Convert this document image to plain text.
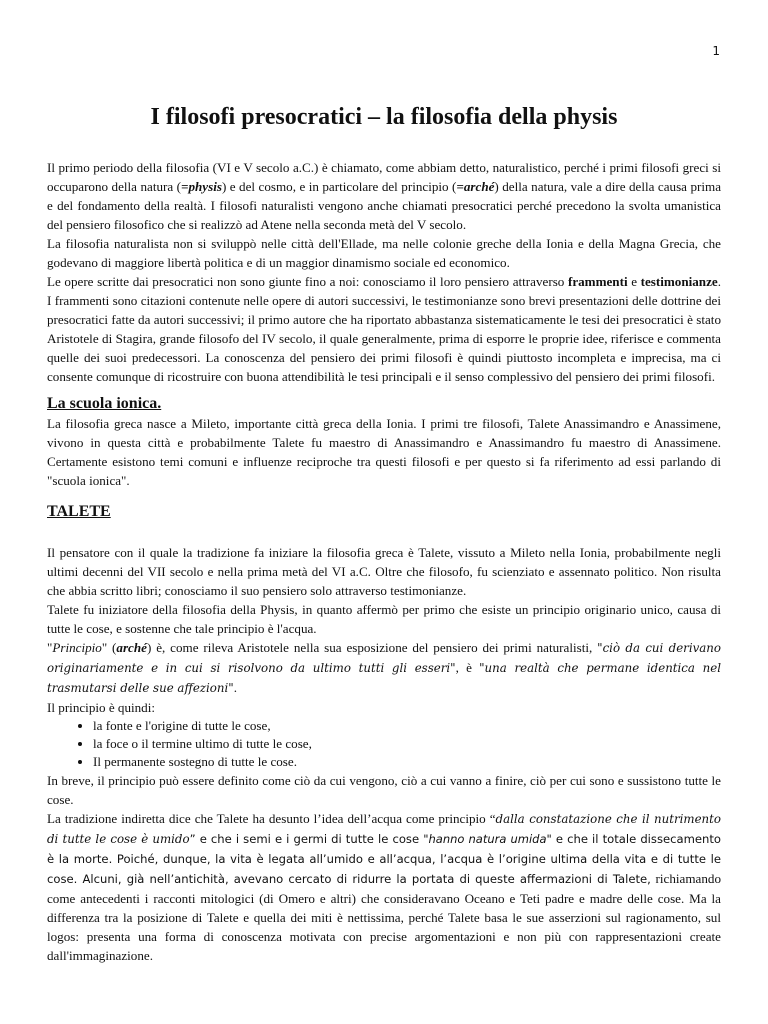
1
I filosofi presocratici – la filosofia della physis

Il primo periodo della filosofia (VI e V secolo a.C.) è chiamato, come abbiam detto, naturalistico, perché i primi filosofi greci si occuparono della natura (=physis) e del cosmo, e in particolare del principio (=arché) della natura, vale a dire della causa prima e del fondamento della realtà. I filosofi naturalisti vengono anche chiamati presocratici perché precedono la svolta umanistica del pensiero filosofico che si realizzò ad Atene nella seconda metà del V secolo.

La filosofia naturalista non si sviluppò nelle città dell'Ellade, ma nelle colonie greche della Ionia e della Magna Grecia, che godevano di maggiore libertà politica e di un maggior dinamismo sociale ed economico.

Le opere scritte dai presocratici non sono giunte fino a noi: conosciamo il loro pensiero attraverso frammenti e testimonianze. I frammenti sono citazioni contenute nelle opere di autori successivi, le testimonianze sono brevi presentazioni delle dottrine dei presocratici fatte da autori successivi; il primo autore che ha riportato abbastanza sistematicamente le tesi dei presocratici è stato Aristotele di Stagira, grande filosofo del IV secolo, il quale generalmente, prima di esporre le proprie idee, riferisce e commenta quelle dei suoi predecessori. La conoscenza del pensiero dei primi filosofi è quindi piuttosto incompleta e imprecisa, ma ci consente comunque di ricostruire con buona attendibilità le tesi principali e il senso complessivo del pensiero dei primi filosofi.

La scuola ionica.

La filosofia greca nasce a Mileto, importante città greca della Ionia. I primi tre filosofi, Talete Anassimandro e Anassimene, vivono in questa città e probabilmente Talete fu maestro di Anassimandro e Anassimandro fu maestro di Anassimene. Certamente esistono temi comuni e influenze reciproche tra questi filosofi e per questo si fa riferimento ad essi parlando di "scuola ionica".

TALETE

Il pensatore con il quale la tradizione fa iniziare la filosofia greca è Talete, vissuto a Mileto nella Ionia, probabilmente negli ultimi decenni del VII secolo e nella prima metà del VI a.C. Oltre che filosofo, fu scienziato e assennato politico. Non risulta che abbia scritto libri; conosciamo il suo pensiero solo attraverso testimonianze.

Talete fu iniziatore della filosofia della Physis, in quanto affermò per primo che esiste un principio originario unico, causa di tutte le cose, e sostenne che tale principio è l'acqua.

"Principio" (arché) è, come rileva Aristotele nella sua esposizione del pensiero dei primi naturalisti, "ciò da cui derivano originariamente e in cui si risolvono da ultimo tutti gli esseri", è "una realtà che permane identica nel trasmutarsi delle sue affezioni".

Il principio è quindi:

• la fonte e l'origine di tutte le cose,
• la foce o il termine ultimo di tutte le cose,
• Il permanente sostegno di tutte le cose.

In breve, il principio può essere definito come ciò da cui vengono, ciò a cui vanno a finire, ciò per cui sono e sussistono tutte le cose.

La tradizione indiretta dice che Talete ha desunto l’idea dell’acqua come principio “dalla constatazione che il nutrimento di tutte le cose è umido” e che i semi e i germi di tutte le cose "hanno natura umida" e che il totale dissecamento è la morte. Poiché, dunque, la vita è legata all’umido e all’acqua, l’acqua è l’origine ultima della vita e di tutte le cose. Alcuni, già nell’antichità, avevano cercato di ridurre la portata di queste affermazioni di Talete, richiamando come antecedenti i racconti mitologici (di Omero e altri) che consideravano Oceano e Teti padre e madre delle cose. Ma la differenza tra la posizione di Talete e quella dei miti è nettissima, perché Talete basa le sue asserzioni sul ragionamento, sul logos: presenta una forma di conoscenza motivata con precise argomentazioni e non più con rappresentazioni create dall'immaginazione.
